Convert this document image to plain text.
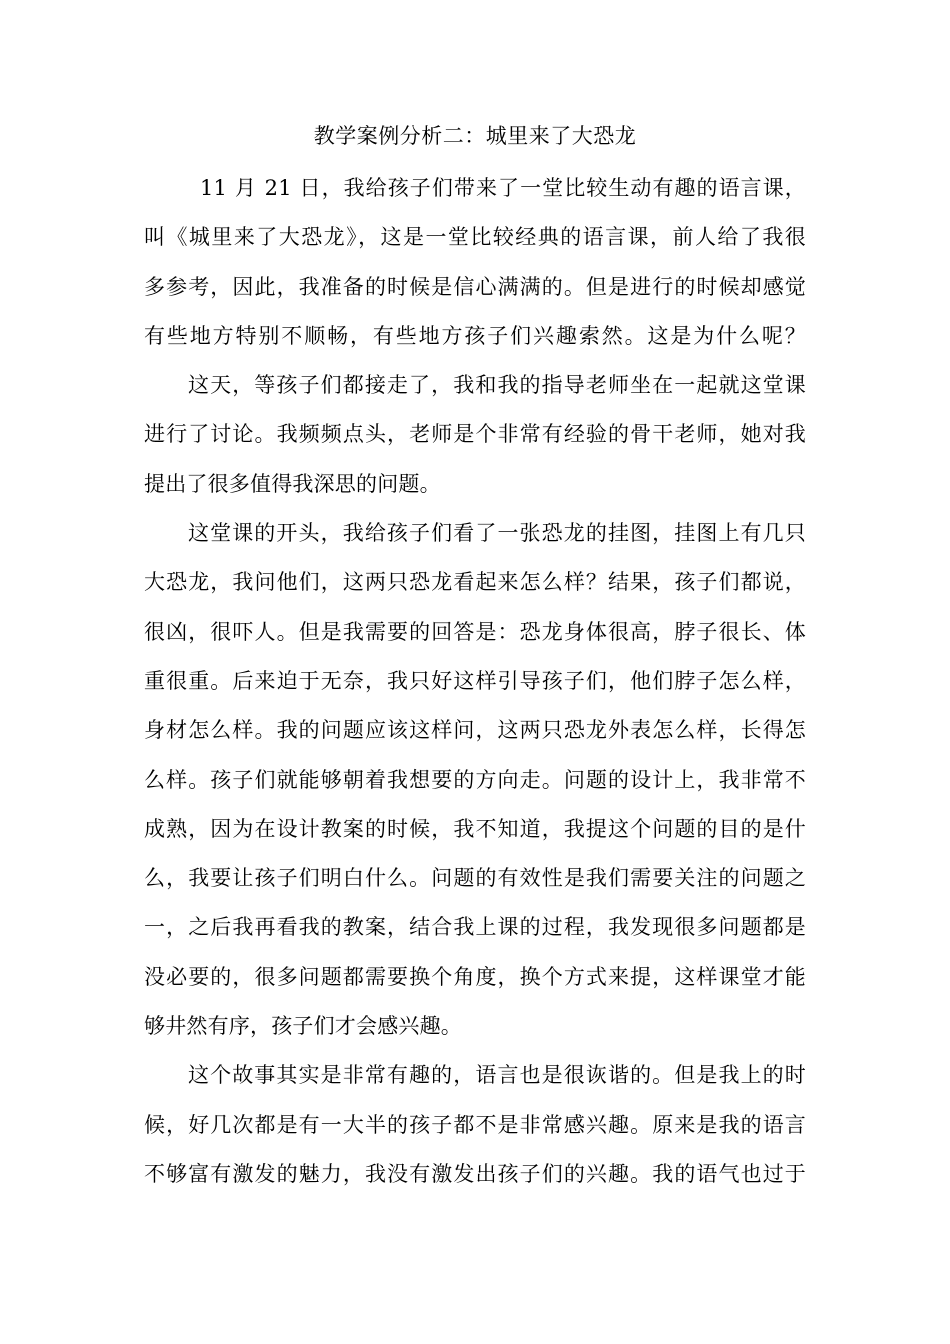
教学案例分析二：城里来了大恐龙
11 月 21 日，我给孩子们带来了一堂比较生动有趣的语言课，
叫《城里来了大恐龙》，这是一堂比较经典的语言课，前人给了我很
多参考，因此，我准备的时候是信心满满的。但是进行的时候却感觉
有些地方特别不顺畅，有些地方孩子们兴趣索然。这是为什么呢？
这天，等孩子们都接走了，我和我的指导老师坐在一起就这堂课
进行了讨论。我频频点头，老师是个非常有经验的骨干老师，她对我
提出了很多值得我深思的问题。
这堂课的开头，我给孩子们看了一张恐龙的挂图，挂图上有几只
大恐龙，我问他们，这两只恐龙看起来怎么样？结果，孩子们都说，
很凶，很吓人。但是我需要的回答是：恐龙身体很高，脖子很长、体
重很重。后来迫于无奈，我只好这样引导孩子们，他们脖子怎么样，
身材怎么样。我的问题应该这样问，这两只恐龙外表怎么样，长得怎
么样。孩子们就能够朝着我想要的方向走。问题的设计上，我非常不
成熟，因为在设计教案的时候，我不知道，我提这个问题的目的是什
么，我要让孩子们明白什么。问题的有效性是我们需要关注的问题之
一，之后我再看我的教案，结合我上课的过程，我发现很多问题都是
没必要的，很多问题都需要换个角度，换个方式来提，这样课堂才能
够井然有序，孩子们才会感兴趣。
这个故事其实是非常有趣的，语言也是很诙谐的。但是我上的时
候，好几次都是有一大半的孩子都不是非常感兴趣。原来是我的语言
不够富有激发的魅力，我没有激发出孩子们的兴趣。我的语气也过于
